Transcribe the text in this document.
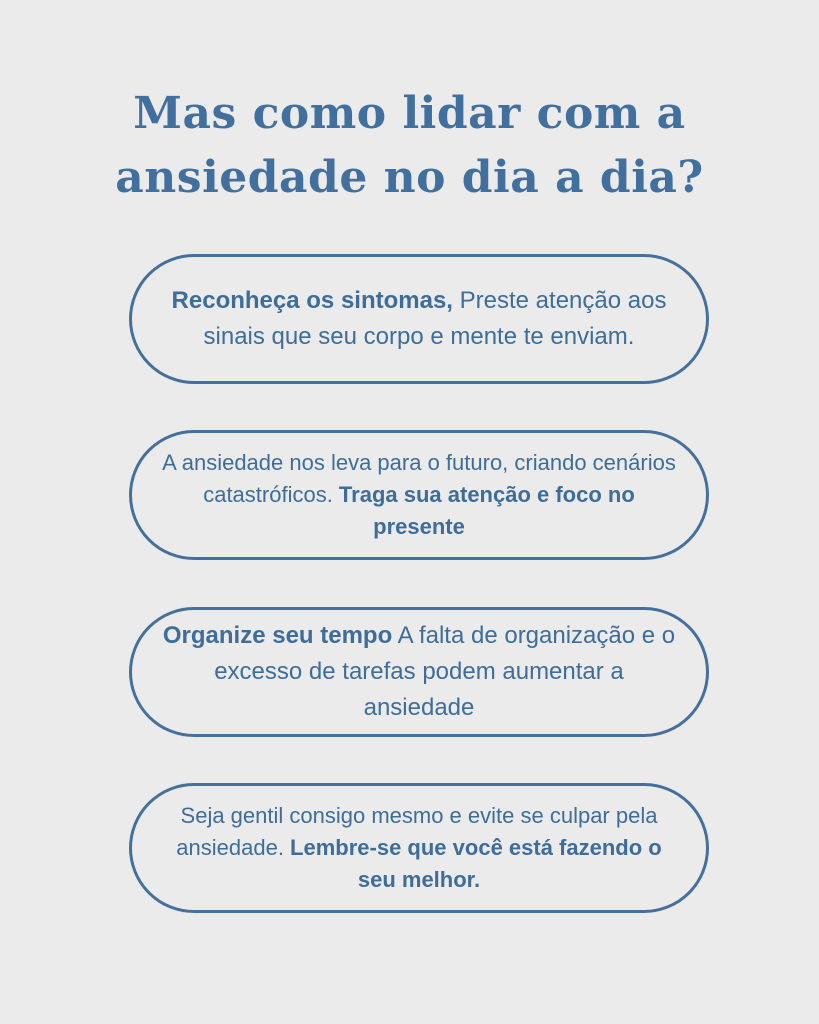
Mas como lidar com a
ansiedade no dia a dia?

Reconheça os sintomas, Preste atenção aos sinais que seu corpo e mente te enviam.

A ansiedade nos leva para o futuro, criando cenários catastróficos. Traga sua atenção e foco no presente

Organize seu tempo A falta de organização e o excesso de tarefas podem aumentar a ansiedade

Seja gentil consigo mesmo e evite se culpar pela ansiedade. Lembre-se que você está fazendo o seu melhor.
